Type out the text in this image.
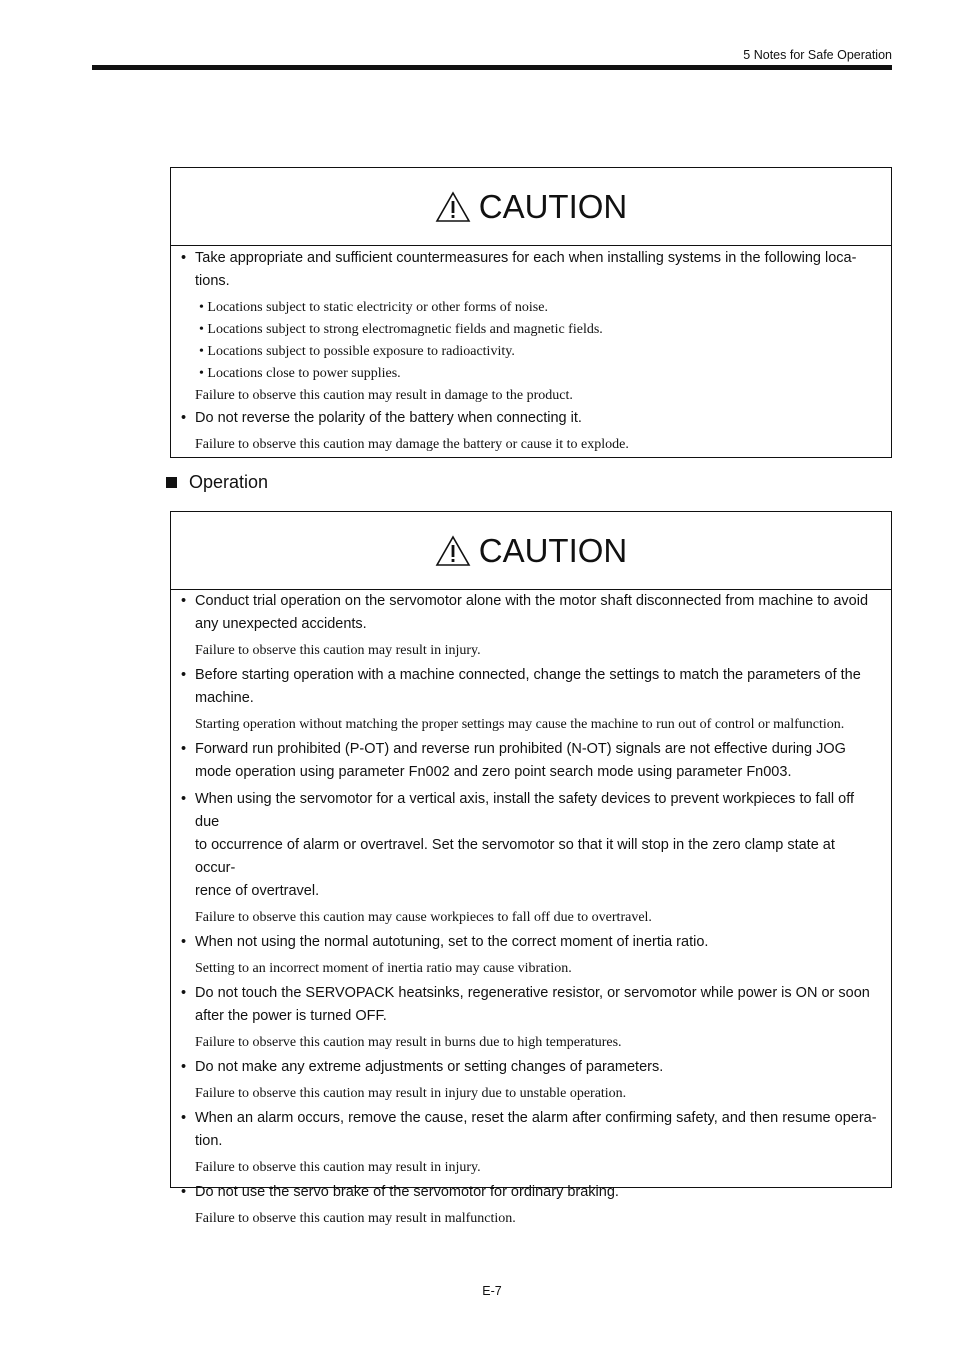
5 Notes for Safe Operation
CAUTION
• Take appropriate and sufficient countermeasures for each when installing systems in the following loca-
tions.
• Locations subject to static electricity or other forms of noise.
• Locations subject to strong electromagnetic fields and magnetic fields.
• Locations subject to possible exposure to radioactivity.
• Locations close to power supplies.
Failure to observe this caution may result in damage to the product.
• Do not reverse the polarity of the battery when connecting it.
Failure to observe this caution may damage the battery or cause it to explode.
Operation
CAUTION
• Conduct trial operation on the servomotor alone with the motor shaft disconnected from machine to avoid
any unexpected accidents.
Failure to observe this caution may result in injury.
• Before starting operation with a machine connected, change the settings to match the parameters of the
machine.
Starting operation without matching the proper settings may cause the machine to run out of control or malfunction.
• Forward run prohibited (P-OT) and reverse run prohibited (N-OT) signals are not effective during JOG
mode operation using parameter Fn002 and zero point search mode using parameter Fn003.
• When using the servomotor for a vertical axis, install the safety devices to prevent workpieces to fall off due
to occurrence of alarm or overtravel. Set the servomotor so that it will stop in the zero clamp state at occur-
rence of overtravel.
Failure to observe this caution may cause workpieces to fall off due to overtravel.
• When not using the normal autotuning, set to the correct moment of inertia ratio.
Setting to an incorrect moment of inertia ratio may cause vibration.
• Do not touch the SERVOPACK heatsinks, regenerative resistor, or servomotor while power is ON or soon
after the power is turned OFF.
Failure to observe this caution may result in burns due to high temperatures.
• Do not make any extreme adjustments or setting changes of parameters.
Failure to observe this caution may result in injury due to unstable operation.
• When an alarm occurs, remove the cause, reset the alarm after confirming safety, and then resume opera-
tion.
Failure to observe this caution may result in injury.
• Do not use the servo brake of the servomotor for ordinary braking.
Failure to observe this caution may result in malfunction.
E-7
